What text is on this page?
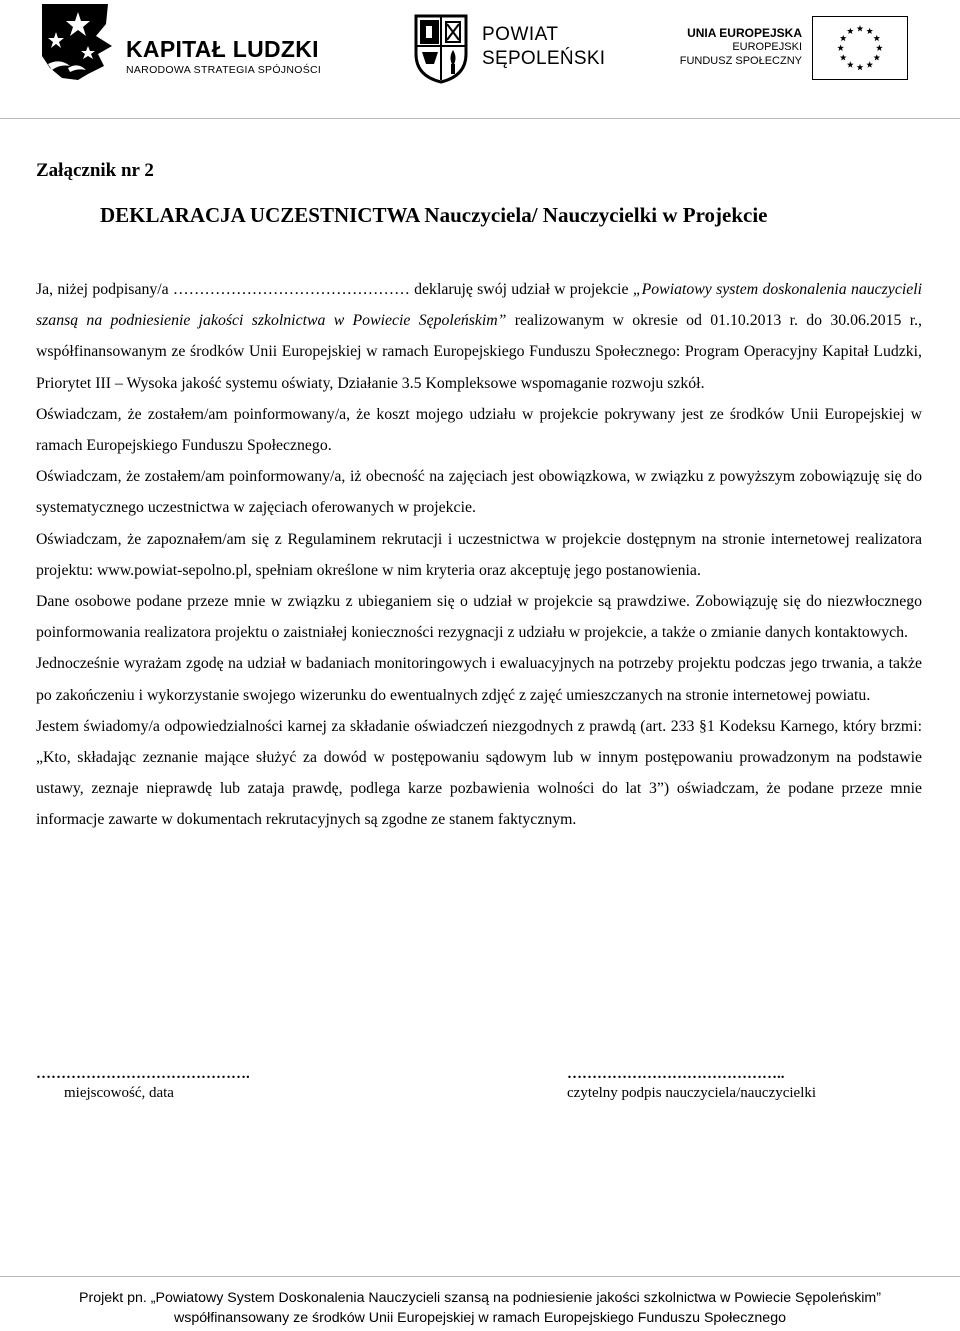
KAPITAŁ LUDZKI
NARODOWA STRATEGIA SPÓJNOŚCI
POWIAT
SĘPOLEŃSKI
UNIA EUROPEJSKA
EUROPEJSKI
FUNDUSZ SPOŁECZNY
Załącznik nr 2
DEKLARACJA UCZESTNICTWA Nauczyciela/ Nauczycielki w Projekcie

Ja, niżej podpisany/a ……………………………………… deklaruję swój udział w projekcie „Powiatowy system doskonalenia nauczycieli szansą na podniesienie jakości szkolnictwa w Powiecie Sępoleńskim” realizowanym w okresie od 01.10.2013 r. do 30.06.2015 r., współfinansowanym ze środków Unii Europejskiej w ramach Europejskiego Funduszu Społecznego: Program Operacyjny Kapitał Ludzki, Priorytet III – Wysoka jakość systemu oświaty, Działanie 3.5 Kompleksowe wspomaganie rozwoju szkół.

Oświadczam, że zostałem/am poinformowany/a, że koszt mojego udziału w projekcie pokrywany jest ze środków Unii Europejskiej w ramach Europejskiego Funduszu Społecznego.

Oświadczam, że zostałem/am poinformowany/a, iż obecność na zajęciach jest obowiązkowa, w związku z powyższym zobowiązuję się do systematycznego uczestnictwa w zajęciach oferowanych w projekcie.

Oświadczam, że zapoznałem/am się z Regulaminem rekrutacji i uczestnictwa w projekcie dostępnym na stronie internetowej realizatora projektu: www.powiat-sepolno.pl, spełniam określone w nim kryteria oraz akceptuję jego postanowienia.

Dane osobowe podane przeze mnie w związku z ubieganiem się o udział w projekcie są prawdziwe. Zobowiązuję się do niezwłocznego poinformowania realizatora projektu o zaistniałej konieczności rezygnacji z udziału w projekcie, a także o zmianie danych kontaktowych.

Jednocześnie wyrażam zgodę na udział w badaniach monitoringowych i ewaluacyjnych na potrzeby projektu podczas jego trwania, a także po zakończeniu i wykorzystanie swojego wizerunku do ewentualnych zdjęć z zajęć umieszczanych na stronie internetowej powiatu.

Jestem świadomy/a odpowiedzialności karnej za składanie oświadczeń niezgodnych z prawdą (art. 233 §1 Kodeksu Karnego, który brzmi: „Kto, składając zeznanie mające służyć za dowód w postępowaniu sądowym lub w innym postępowaniu prowadzonym na podstawie ustawy, zeznaje nieprawdę lub zataja prawdę, podlega karze pozbawienia wolności do lat 3”) oświadczam, że podane przeze mnie informacje zawarte w dokumentach rekrutacyjnych są zgodne ze stanem faktycznym.

…………………………………….
miejscowość, data
……………………………………..
czytelny podpis nauczyciela/nauczycielki
Projekt pn. „Powiatowy System Doskonalenia Nauczycieli szansą na podniesienie jakości szkolnictwa w Powiecie Sępoleńskim”
współfinansowany ze środków Unii Europejskiej w ramach Europejskiego Funduszu Społecznego
